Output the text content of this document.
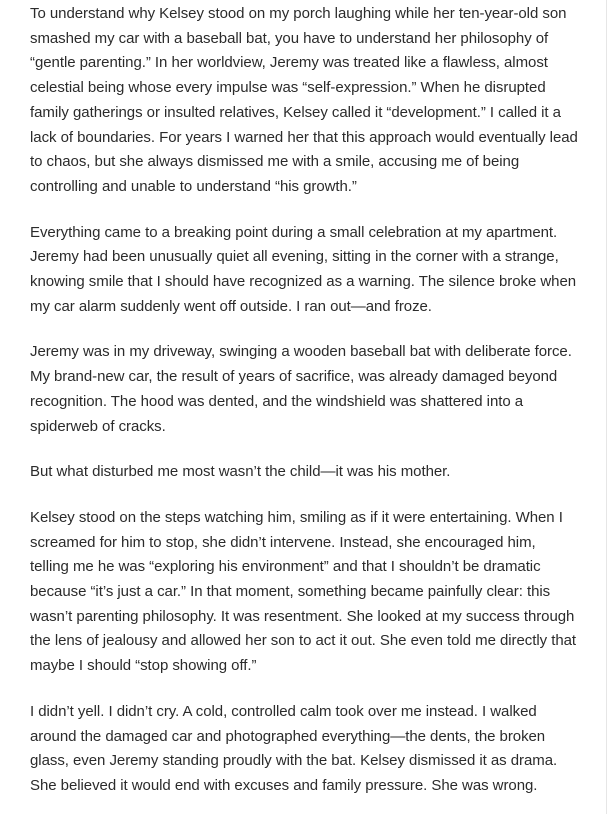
To understand why Kelsey stood on my porch laughing while her ten-year-old son smashed my car with a baseball bat, you have to understand her philosophy of “gentle parenting.” In her worldview, Jeremy was treated like a flawless, almost celestial being whose every impulse was “self-expression.” When he disrupted family gatherings or insulted relatives, Kelsey called it “development.” I called it a lack of boundaries. For years I warned her that this approach would eventually lead to chaos, but she always dismissed me with a smile, accusing me of being controlling and unable to understand “his growth.”

Everything came to a breaking point during a small celebration at my apartment. Jeremy had been unusually quiet all evening, sitting in the corner with a strange, knowing smile that I should have recognized as a warning. The silence broke when my car alarm suddenly went off outside. I ran out—and froze.

Jeremy was in my driveway, swinging a wooden baseball bat with deliberate force. My brand-new car, the result of years of sacrifice, was already damaged beyond recognition. The hood was dented, and the windshield was shattered into a spiderweb of cracks.

But what disturbed me most wasn’t the child—it was his mother.

Kelsey stood on the steps watching him, smiling as if it were entertaining. When I screamed for him to stop, she didn’t intervene. Instead, she encouraged him, telling me he was “exploring his environment” and that I shouldn’t be dramatic because “it’s just a car.” In that moment, something became painfully clear: this wasn’t parenting philosophy. It was resentment. She looked at my success through the lens of jealousy and allowed her son to act it out. She even told me directly that maybe I should “stop showing off.”

I didn’t yell. I didn’t cry. A cold, controlled calm took over me instead. I walked around the damaged car and photographed everything—the dents, the broken glass, even Jeremy standing proudly with the bat. Kelsey dismissed it as drama. She believed it would end with excuses and family pressure. She was wrong.
